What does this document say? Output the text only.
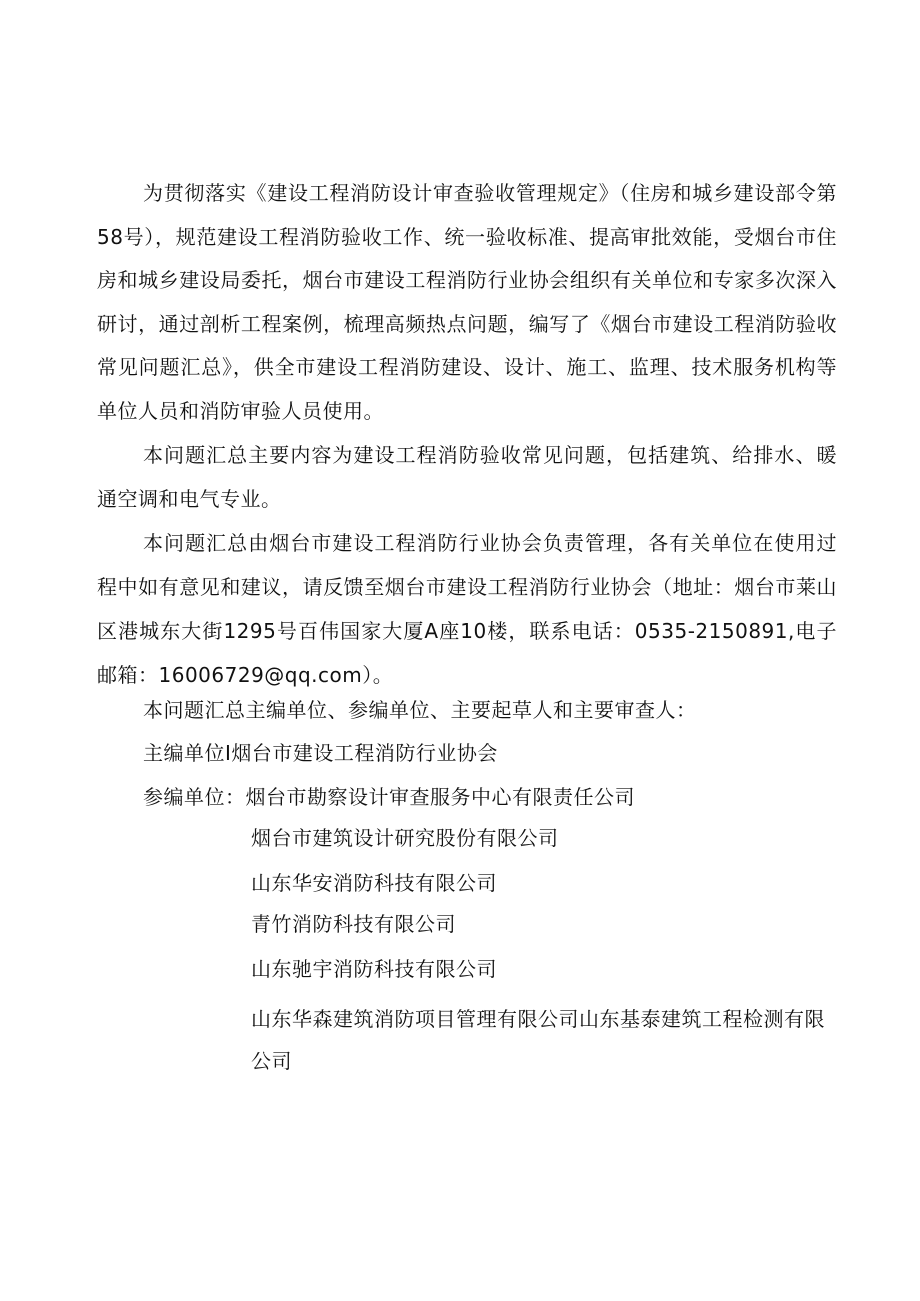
为贯彻落实《建设工程消防设计审查验收管理规定》（住房和城乡建设部令第58号），规范建设工程消防验收工作、统一验收标准、提高审批效能，受烟台市住房和城乡建设局委托，烟台市建设工程消防行业协会组织有关单位和专家多次深入研讨，通过剖析工程案例，梳理高频热点问题，编写了《烟台市建设工程消防验收常见问题汇总》，供全市建设工程消防建设、设计、施工、监理、技术服务机构等单位人员和消防审验人员使用。

本问题汇总主要内容为建设工程消防验收常见问题，包括建筑、给排水、暖通空调和电气专业。

本问题汇总由烟台市建设工程消防行业协会负责管理，各有关单位在使用过程中如有意见和建议，请反馈至烟台市建设工程消防行业协会（地址：烟台市莱山区港城东大街1295号百伟国家大厦A座10楼，联系电话：0535-2150891,电子邮箱：16006729@qq.com）。

本问题汇总主编单位、参编单位、主要起草人和主要审查人：
主编单位I烟台市建设工程消防行业协会
参编单位：烟台市勘察设计审查服务中心有限责任公司
烟台市建筑设计研究股份有限公司
山东华安消防科技有限公司
青竹消防科技有限公司
山东驰宇消防科技有限公司
山东华森建筑消防项目管理有限公司山东基泰建筑工程检测有限公司
